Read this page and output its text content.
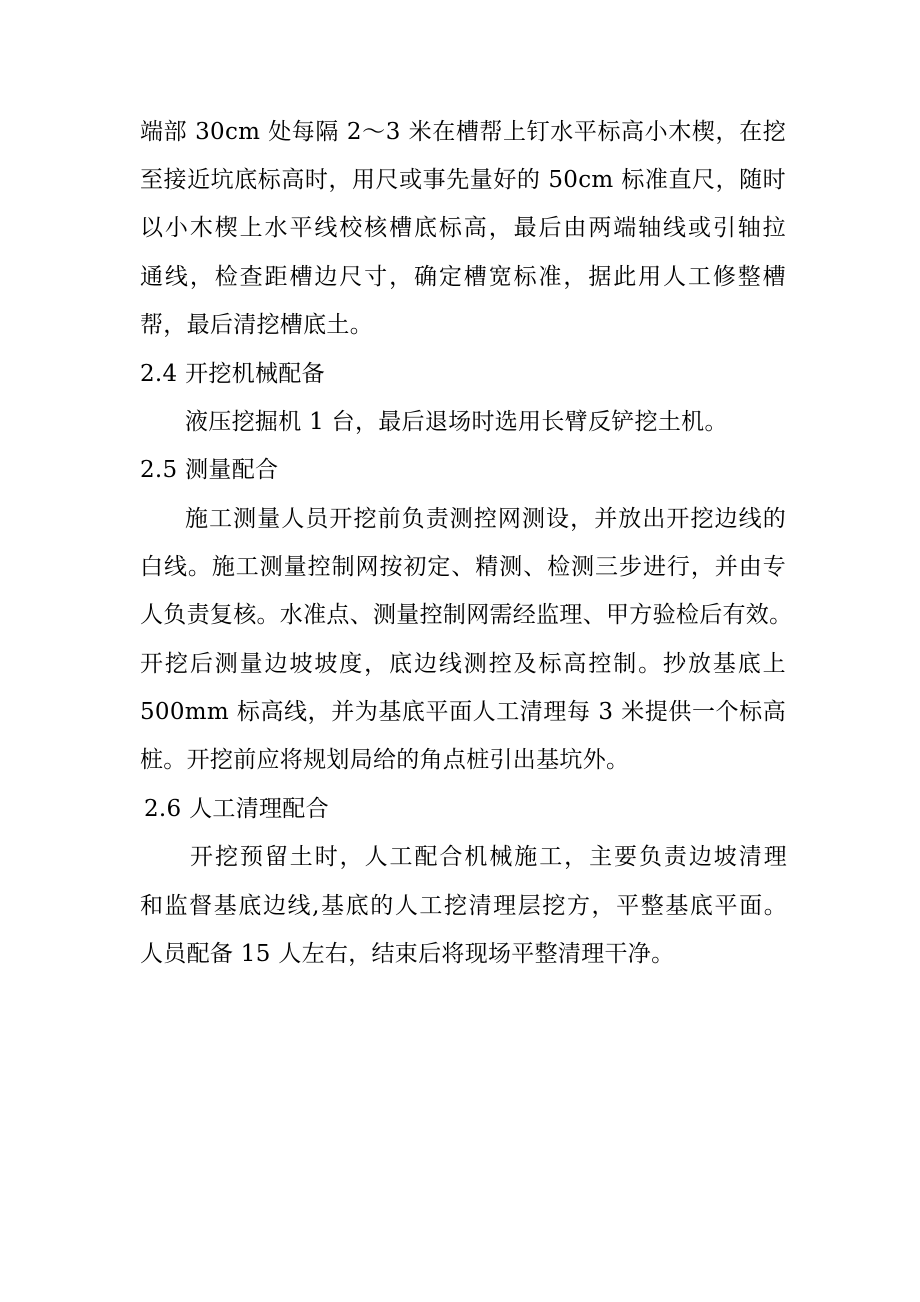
端部 30cm 处每隔 2～3 米在槽帮上钉水平标高小木楔，在挖
至接近坑底标高时，用尺或事先量好的 50cm 标准直尺，随时
以小木楔上水平线校核槽底标高，最后由两端轴线或引轴拉
通线，检查距槽边尺寸，确定槽宽标准，据此用人工修整槽
帮，最后清挖槽底土。
2.4 开挖机械配备
液压挖掘机 1 台，最后退场时选用长臂反铲挖土机。
2.5 测量配合
施工测量人员开挖前负责测控网测设，并放出开挖边线的
白线。施工测量控制网按初定、精测、检测三步进行，并由专
人负责复核。水准点、测量控制网需经监理、甲方验检后有效。
开挖后测量边坡坡度，底边线测控及标高控制。抄放基底上
500mm 标高线，并为基底平面人工清理每 3 米提供一个标高
桩。开挖前应将规划局给的角点桩引出基坑外。
2.6 人工清理配合
开挖预留土时，人工配合机械施工，主要负责边坡清理
和监督基底边线,基底的人工挖清理层挖方，平整基底平面。
人员配备 15 人左右，结束后将现场平整清理干净。
